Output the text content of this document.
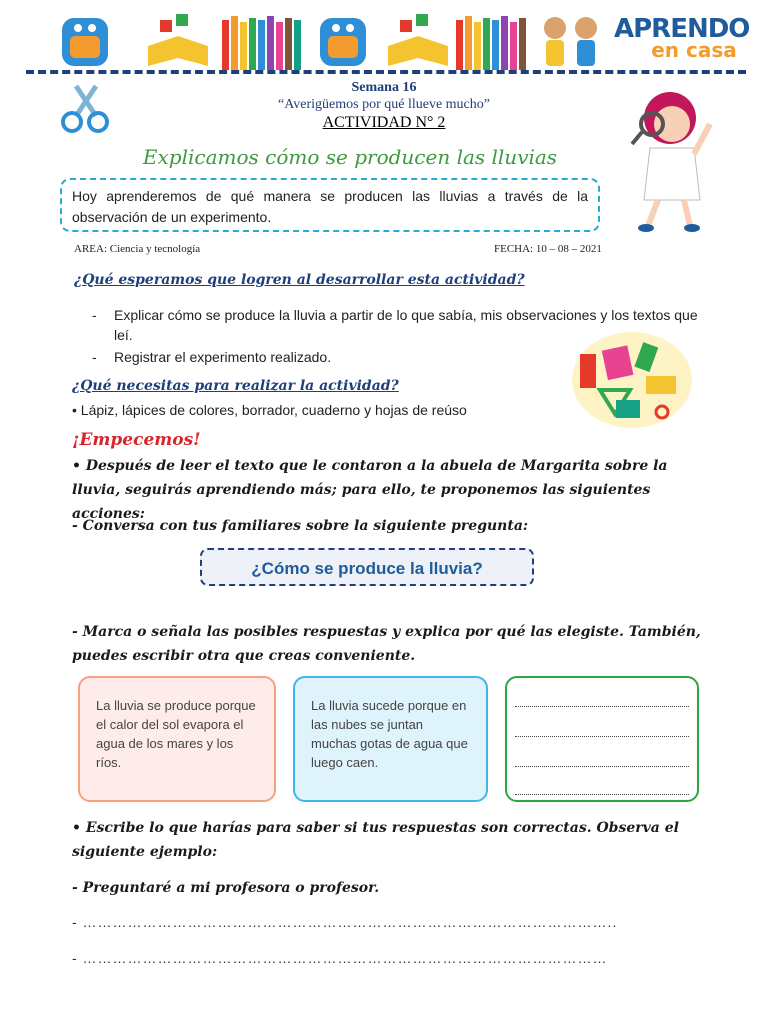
APRENDO
en casa
Semana 16
“Averigüemos por qué llueve mucho”
ACTIVIDAD N° 2
Explicamos cómo se producen las lluvias
Hoy aprenderemos de qué manera se producen las lluvias a través de la observación de un experimento.
AREA: Ciencia y tecnología	FECHA: 10 – 08 – 2021
¿Qué esperamos que logren al desarrollar esta actividad?
- Explicar cómo se produce la lluvia a partir de lo que sabía, mis observaciones y los textos que leí.
- Registrar el experimento realizado.
¿Qué necesitas para realizar la actividad?
• Lápiz, lápices de colores, borrador, cuaderno y hojas de reúso
¡Empecemos!
• Después de leer el texto que le contaron a la abuela de Margarita sobre la lluvia, seguirás aprendiendo más; para ello, te proponemos las siguientes acciones:
- Conversa con tus familiares sobre la siguiente pregunta:
¿Cómo se produce la lluvia?
- Marca o señala las posibles respuestas y explica por qué las elegiste. También, puedes escribir otra que creas conveniente.
La lluvia se produce porque el calor del sol evapora el agua de los mares y los ríos.
La lluvia sucede porque en las nubes se juntan muchas gotas de agua que luego caen.
• Escribe lo que harías para saber si tus respuestas son correctas. Observa el siguiente ejemplo:
- Preguntaré a mi profesora o profesor.
- ……………………………………………………………………………………………..
- ……………………………………………………………………………………………
